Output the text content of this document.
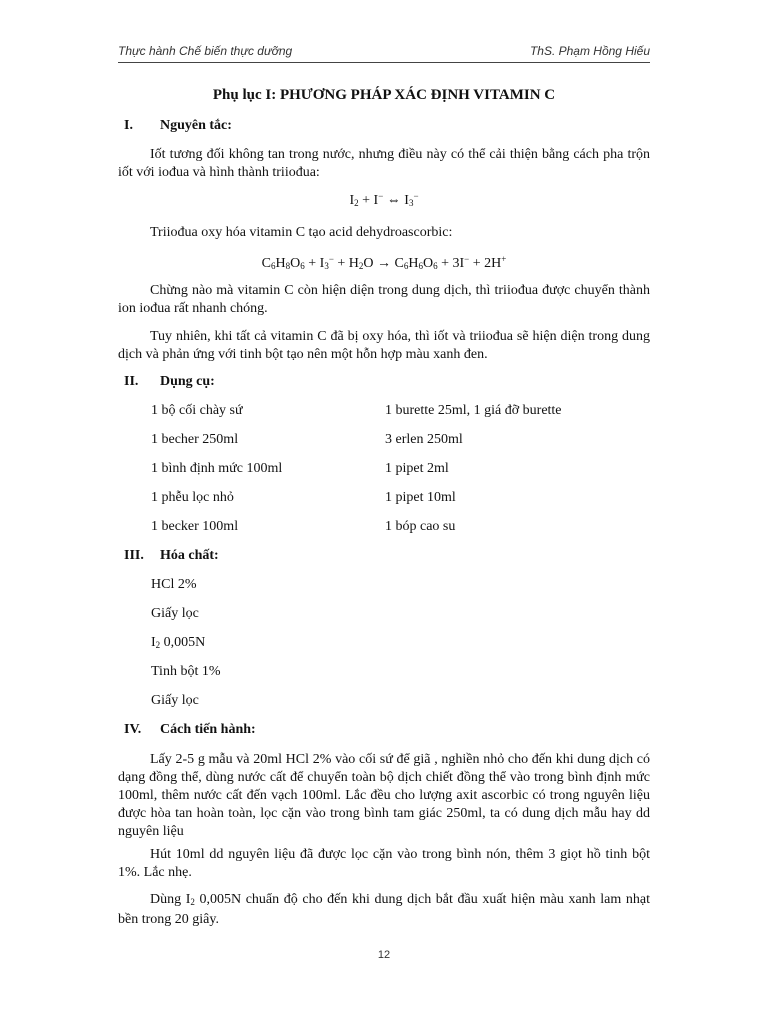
Thực hành Chế biến thực dưỡng	ThS. Phạm Hồng Hiếu
Phụ lục I: PHƯƠNG PHÁP XÁC ĐỊNH VITAMIN C
I. Nguyên tắc:
Iốt tương đối không tan trong nước, nhưng điều này có thể cải thiện bằng cách pha trộn iốt với iođua và hình thành triiođua:
$I_2 + I^-$ ⇔ $I_3^-$
Triiođua oxy hóa vitamin C tạo acid dehydroascorbic:
$C_6H_8O_6 + I_3^- + H_2O \to C_6H_6O_6 + 3I^- + 2H^+$
Chừng nào mà vitamin C còn hiện diện trong dung dịch, thì triiođua được chuyển thành ion iođua rất nhanh chóng.
Tuy nhiên, khi tất cả vitamin C đã bị oxy hóa, thì iốt và triiođua sẽ hiện diện trong dung dịch và phản ứng với tinh bột tạo nên một hỗn hợp màu xanh đen.
II. Dụng cụ:
1 bộ cối chày sứ	1 burette 25ml, 1 giá đỡ burette
1 becher 250ml	3 erlen 250ml
1 bình định mức 100ml	1 pipet 2ml
1 phễu lọc nhỏ	1 pipet 10ml
1 becker 100ml	1 bóp cao su
III. Hóa chất:
HCl 2%
Giấy lọc
$I_2$ 0,005N
Tinh bột 1%
Giấy lọc
IV. Cách tiến hành:
Lấy 2-5 g mẫu và 20ml HCl 2% vào cối sứ để giã , nghiền nhỏ cho đến khi dung dịch có dạng đồng thể, dùng nước cất để chuyển toàn bộ dịch chiết đồng thể vào trong bình định mức 100ml, thêm nước cất đến vạch 100ml. Lắc đều cho lượng axit ascorbic có trong nguyên liệu được hòa tan hoàn toàn, lọc cặn vào trong bình tam giác 250ml, ta có dung dịch mẫu hay dd nguyên liệu
Hút 10ml dd nguyên liệu đã được lọc cặn vào trong bình nón, thêm 3 giọt hồ tinh bột 1%. Lắc nhẹ.
Dùng $I_2$ 0,005N chuẩn độ cho đến khi dung dịch bắt đầu xuất hiện màu xanh lam nhạt bền trong 20 giây.
12
